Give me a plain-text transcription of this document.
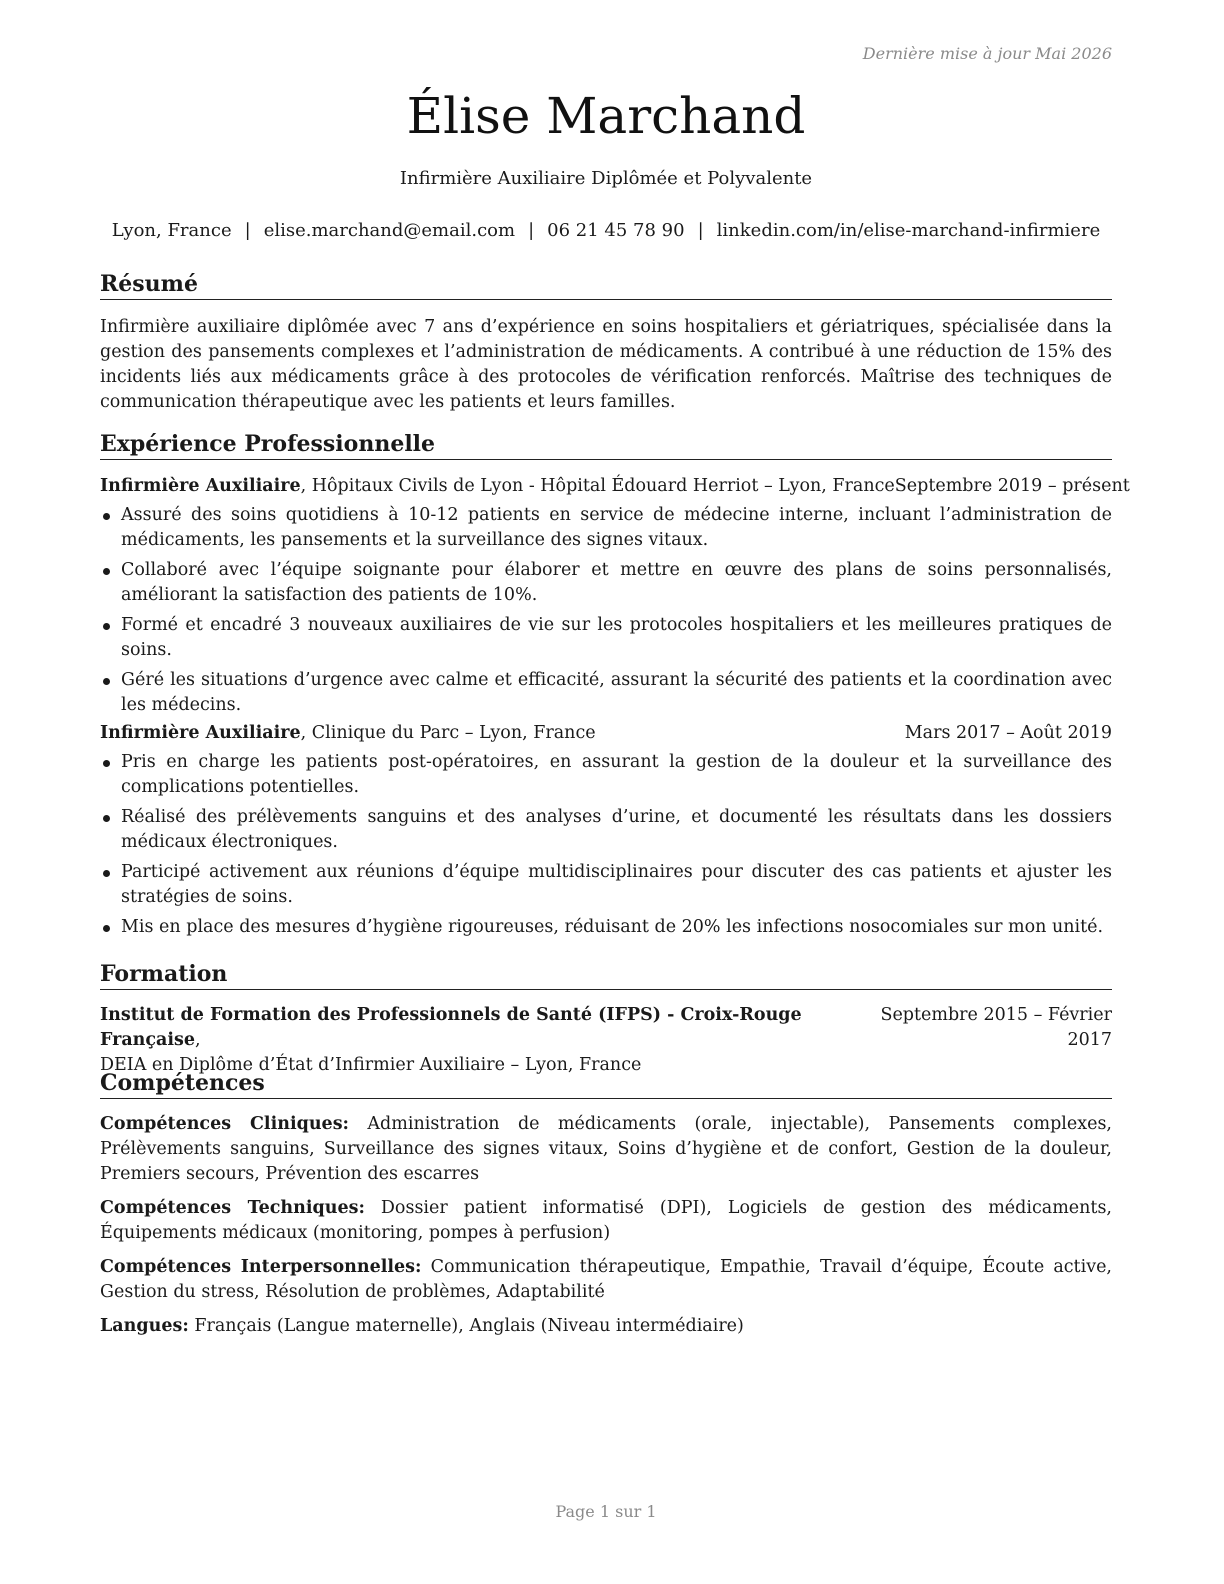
Dernière mise à jour Mai 2026
Élise Marchand
Infirmière Auxiliaire Diplômée et Polyvalente
Lyon, France | elise.marchand@email.com | 06 21 45 78 90 | linkedin.com/in/elise-marchand-infirmiere
Résumé
Infirmière auxiliaire diplômée avec 7 ans d’expérience en soins hospitaliers et gériatriques, spécialisée dans la gestion des pansements complexes et l’administration de médicaments. A contribué à une réduction de 15% des incidents liés aux médicaments grâce à des protocoles de vérification renforcés. Maîtrise des techniques de communication thérapeutique avec les patients et leurs familles.
Expérience Professionnelle
Infirmière Auxiliaire, Hôpitaux Civils de Lyon - Hôpital Édouard Herriot – Lyon, France Septembre 2019 – présent
Assuré des soins quotidiens à 10-12 patients en service de médecine interne, incluant l’administration de médicaments, les pansements et la surveillance des signes vitaux.
Collaboré avec l’équipe soignante pour élaborer et mettre en œuvre des plans de soins personnalisés, améliorant la satisfaction des patients de 10%.
Formé et encadré 3 nouveaux auxiliaires de vie sur les protocoles hospitaliers et les meilleures pratiques de soins.
Géré les situations d’urgence avec calme et efficacité, assurant la sécurité des patients et la coordination avec les médecins.
Infirmière Auxiliaire, Clinique du Parc – Lyon, France	Mars 2017 – Août 2019
Pris en charge les patients post-opératoires, en assurant la gestion de la douleur et la surveillance des complications potentielles.
Réalisé des prélèvements sanguins et des analyses d’urine, et documenté les résultats dans les dossiers médicaux électroniques.
Participé activement aux réunions d’équipe multidisciplinaires pour discuter des cas patients et ajuster les stratégies de soins.
Mis en place des mesures d’hygiène rigoureuses, réduisant de 20% les infections nosocomiales sur mon unité.
Formation
Institut de Formation des Professionnels de Santé (IFPS) - Croix-Rouge Française,
DEIA en Diplôme d’État d’Infirmier Auxiliaire – Lyon, France
Septembre 2015 – Février 2017
Compétences
Compétences Cliniques: Administration de médicaments (orale, injectable), Pansements complexes, Prélèvements sanguins, Surveillance des signes vitaux, Soins d’hygiène et de confort, Gestion de la douleur, Premiers secours, Prévention des escarres
Compétences Techniques: Dossier patient informatisé (DPI), Logiciels de gestion des médicaments, Équipements médicaux (monitoring, pompes à perfusion)
Compétences Interpersonnelles: Communication thérapeutique, Empathie, Travail d’équipe, Écoute active, Gestion du stress, Résolution de problèmes, Adaptabilité
Langues: Français (Langue maternelle), Anglais (Niveau intermédiaire)
Page 1 sur 1
